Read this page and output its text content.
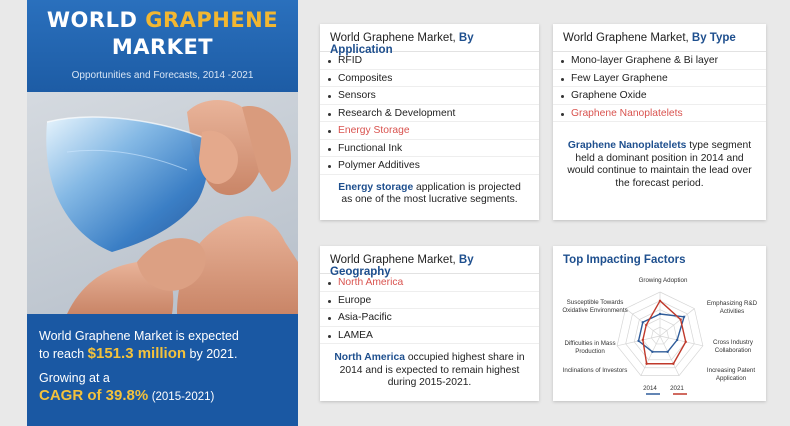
WORLD GRAPHENE
MARKET
Opportunities and Forecasts, 2014 -2021
World Graphene Market is expected
to reach $151.3 million by 2021.
Growing at a
CAGR of 39.8% (2015-2021)
World Graphene Market, By Application
RFID
Composites
Sensors
Research & Development
Energy Storage
Functional Ink
Polymer Additives
Energy storage application is projected as one of the most lucrative segments.
World Graphene Market, By Type
Mono-layer Graphene & Bi layer
Few Layer Graphene
Graphene Oxide
Graphene Nanoplatelets
Graphene Nanoplatelets type segment held a dominant position in 2014 and would continue to maintain the lead over the forecast period.
World Graphene Market, By Geography
North America
Europe
Asia-Pacific
LAMEA
North America occupied highest share in 2014 and is expected to remain highest during 2015-2021.
Top Impacting Factors
Growing Adoption
Emphasizing R&D Activities
Cross Industry Collaboration
Increasing Patent Application
Inclinations of Investors
Difficulties in Mass Production
Susceptible Towards Oxidative Environments
2014	2021
